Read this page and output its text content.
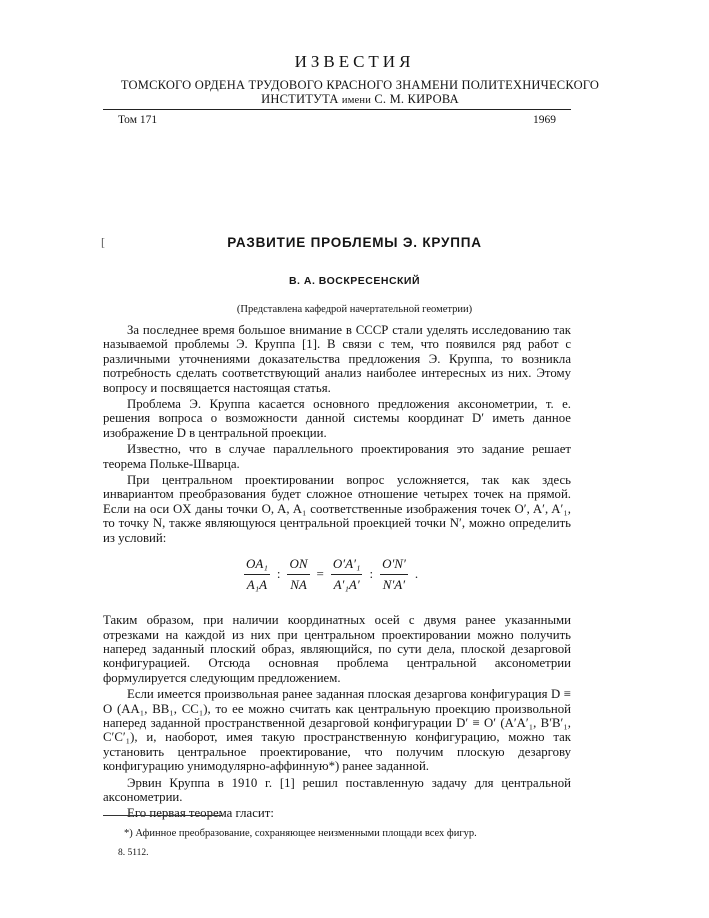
ИЗВЕСТИЯ
ТОМСКОГО ОРДЕНА ТРУДОВОГО КРАСНОГО ЗНАМЕНИ ПОЛИТЕХНИЧЕСКОГО
ИНСТИТУТА имени С. М. КИРОВА
Том 171	1969
[	РАЗВИТИЕ ПРОБЛЕМЫ Э. КРУППА
В. А. ВОСКРЕСЕНСКИЙ
(Представлена кафедрой начертательной геометрии)

За последнее время большое внимание в СССР стали уделять исследованию так называемой проблемы Э. Круппа [1]. В связи с тем, что появился ряд работ с различными уточнениями доказательства предложения Э. Круппа, то возникла потребность сделать соответствующий анализ наиболее интересных из них. Этому вопросу и посвящается настоящая статья.

Проблема Э. Круппа касается основного предложения аксонометрии, т. е. решения вопроса о возможности данной системы координат D′ иметь данное изображение D в центральной проекции.

Известно, что в случае параллельного проектирования это задание решает теорема Польке-Шварца.

При центральном проектировании вопрос усложняется, так как здесь инвариантом преобразования будет сложное отношение четырех точек на прямой. Если на оси OX даны точки O, A, A₁ соответственные изображения точек O′, A′, A′₁, то точку N, также являющуюся центральной проекцией точки N′, можно определить из условий:

$\frac{\text{OA₁}}{\text{A₁A}}$ : $\frac{ON}{NA} = \frac{\text{O′A′₁}}{\text{A′₁A′}}$ : $\frac{O'N'}{N'A'}$ .

Таким образом, при наличии координатных осей с двумя ранее указанными отрезками на каждой из них при центральном проектировании можно получить наперед заданный плоский образ, являющийся, по сути дела, плоской дезарговой конфигурацией. Отсюда основная проблема центральной аксонометрии формулируется следующим предложением.

Если имеется произвольная ранее заданная плоская дезаргова конфигурация D ≡ O (AA₁, BB₁, CC₁), то ее можно считать как центральную проекцию произвольной наперед заданной пространственной дезарговой конфигурации D′ ≡ O′ (A′A′₁, B′B′₁, C′C′₁), и, наоборот, имея такую пространственную конфигурацию, можно так установить центральное проектирование, что получим плоскую дезаргову конфигурацию унимодулярно-аффинную*) ранее заданной.

Эрвин Круппа в 1910 г. [1] решил поставленную задачу для центральной аксонометрии.

Его первая теорема гласит:

*) Афинное преобразование, сохраняющее неизменными площади всех фигур.
8. 5112.
